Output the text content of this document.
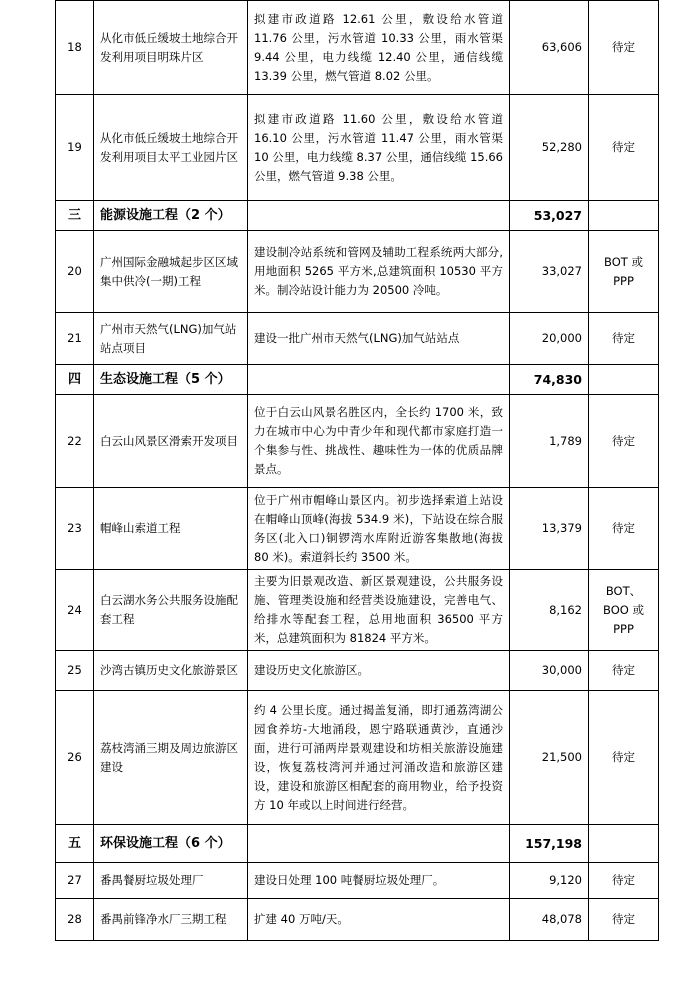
18	从化市低丘缓坡土地综合开发利用项目明珠片区	拟建市政道路 12.61 公里，敷设给水管道 11.76 公里，污水管道 10.33 公里，雨水管渠 9.44 公里，电力线缆 12.40 公里，通信线缆 13.39 公里，燃气管道 8.02 公里。	63,606	待定
19	从化市低丘缓坡土地综合开发利用项目太平工业园片区	拟建市政道路 11.60 公里，敷设给水管道 16.10 公里，污水管道 11.47 公里，雨水管渠 10 公里，电力线缆 8.37 公里，通信线缆 15.66 公里，燃气管道 9.38 公里。	52,280	待定
三	能源设施工程（2 个）		53,027	
20	广州国际金融城起步区区域集中供冷(一期)工程	建设制冷站系统和管网及辅助工程系统两大部分,用地面积 5265 平方米,总建筑面积 10530 平方米。制冷站设计能力为 20500 冷吨。	33,027	BOT 或 PPP
21	广州市天然气(LNG)加气站站点项目	建设一批广州市天然气(LNG)加气站站点	20,000	待定
四	生态设施工程（5 个）		74,830	
22	白云山风景区滑索开发项目	位于白云山风景名胜区内，全长约 1700 米，致力在城市中心为中青少年和现代都市家庭打造一个集参与性、挑战性、趣味性为一体的优质品牌景点。	1,789	待定
23	帽峰山索道工程	位于广州市帽峰山景区内。初步选择索道上站设在帽峰山顶峰(海拔 534.9 米)，下站设在综合服务区(北入口)铜锣湾水库附近游客集散地(海拔 80 米)。索道斜长约 3500 米。	13,379	待定
24	白云湖水务公共服务设施配套工程	主要为旧景观改造、新区景观建设，公共服务设施、管理类设施和经营类设施建设，完善电气、给排水等配套工程，总用地面积 36500 平方米，总建筑面积为 81824 平方米。	8,162	BOT、BOO 或 PPP
25	沙湾古镇历史文化旅游景区	建设历史文化旅游区。	30,000	待定
26	荔枝湾涌三期及周边旅游区建设	约 4 公里长度。通过揭盖复涌，即打通荔湾湖公园食养坊-大地涌段，恩宁路联通黄沙，直通沙面，进行可涌两岸景观建设和坊相关旅游设施建设，恢复荔枝湾河并通过河涌改造和旅游区建设，建设和旅游区相配套的商用物业，给予投资方 10 年或以上时间进行经营。	21,500	待定
五	环保设施工程（6 个）		157,198	
27	番禺餐厨垃圾处理厂	建设日处理 100 吨餐厨垃圾处理厂。	9,120	待定
28	番禺前锋净水厂三期工程	扩建 40 万吨/天。	48,078	待定
